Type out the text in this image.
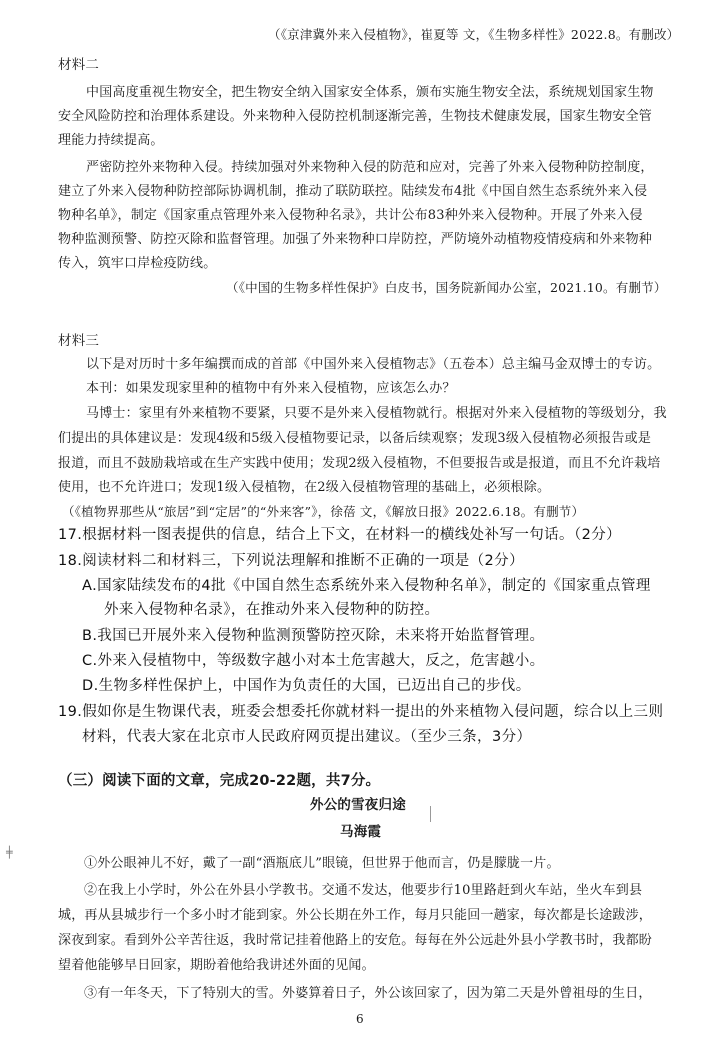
（《京津冀外来入侵植物》，崔夏等 文，《生物多样性》2022.8。有删改）
材料二
中国高度重视生物安全，把生物安全纳入国家安全体系，颁布实施生物安全法，系统规划国家生物
安全风险防控和治理体系建设。外来物种入侵防控机制逐渐完善，生物技术健康发展，国家生物安全管
理能力持续提高。
严密防控外来物种入侵。持续加强对外来物种入侵的防范和应对，完善了外来入侵物种防控制度，
建立了外来入侵物种防控部际协调机制，推动了联防联控。陆续发布4批《中国自然生态系统外来入侵
物种名单》，制定《国家重点管理外来入侵物种名录》，共计公布83种外来入侵物种。开展了外来入侵
物种监测预警、防控灭除和监督管理。加强了外来物种口岸防控，严防境外动植物疫情疫病和外来物种
传入，筑牢口岸检疫防线。
（《中国的生物多样性保护》白皮书，国务院新闻办公室，2021.10。有删节）
材料三
以下是对历时十多年编撰而成的首部《中国外来入侵植物志》（五卷本）总主编马金双博士的专访。
本刊：如果发现家里种的植物中有外来入侵植物，应该怎么办？
马博士：家里有外来植物不要紧，只要不是外来入侵植物就行。根据对外来入侵植物的等级划分，我
们提出的具体建议是：发现4级和5级入侵植物要记录，以备后续观察；发现3级入侵植物必须报告或是
报道，而且不鼓励栽培或在生产实践中使用；发现2级入侵植物，不但要报告或是报道，而且不允许栽培
使用，也不允许进口；发现1级入侵植物，在2级入侵植物管理的基础上，必须根除。
（《植物界那些从“旅居”到“定居”的“外来客”》，徐蓓 文，《解放日报》2022.6.18。有删节）
17.根据材料一图表提供的信息，结合上下文，在材料一的横线处补写一句话。（2分）
18.阅读材料二和材料三，下列说法理解和推断不正确的一项是（2分）
A.国家陆续发布的4批《中国自然生态系统外来入侵物种名单》，制定的《国家重点管理
外来入侵物种名录》，在推动外来入侵物种的防控。
B.我国已开展外来入侵物种监测预警防控灭除，未来将开始监督管理。
C.外来入侵植物中，等级数字越小对本土危害越大，反之，危害越小。
D.生物多样性保护上，中国作为负责任的大国，已迈出自己的步伐。
19.假如你是生物课代表，班委会想委托你就材料一提出的外来植物入侵问题，综合以上三则
材料，代表大家在北京市人民政府网页提出建议。（至少三条，3分）
（三）阅读下面的文章，完成20-22题，共7分。
外公的雪夜归途
马海霞
╪
①外公眼神儿不好，戴了一副“酒瓶底儿”眼镜，但世界于他而言，仍是朦胧一片。
②在我上小学时，外公在外县小学教书。交通不发达，他要步行10里路赶到火车站，坐火车到县
城，再从县城步行一个多小时才能到家。外公长期在外工作，每月只能回一趟家，每次都是长途跋涉，
深夜到家。看到外公辛苦往返，我时常记挂着他路上的安危。每每在外公远赴外县小学教书时，我都盼
望着他能够早日回家，期盼着他给我讲述外面的见闻。
③有一年冬天，下了特别大的雪。外婆算着日子，外公该回家了，因为第二天是外曾祖母的生日，
6
